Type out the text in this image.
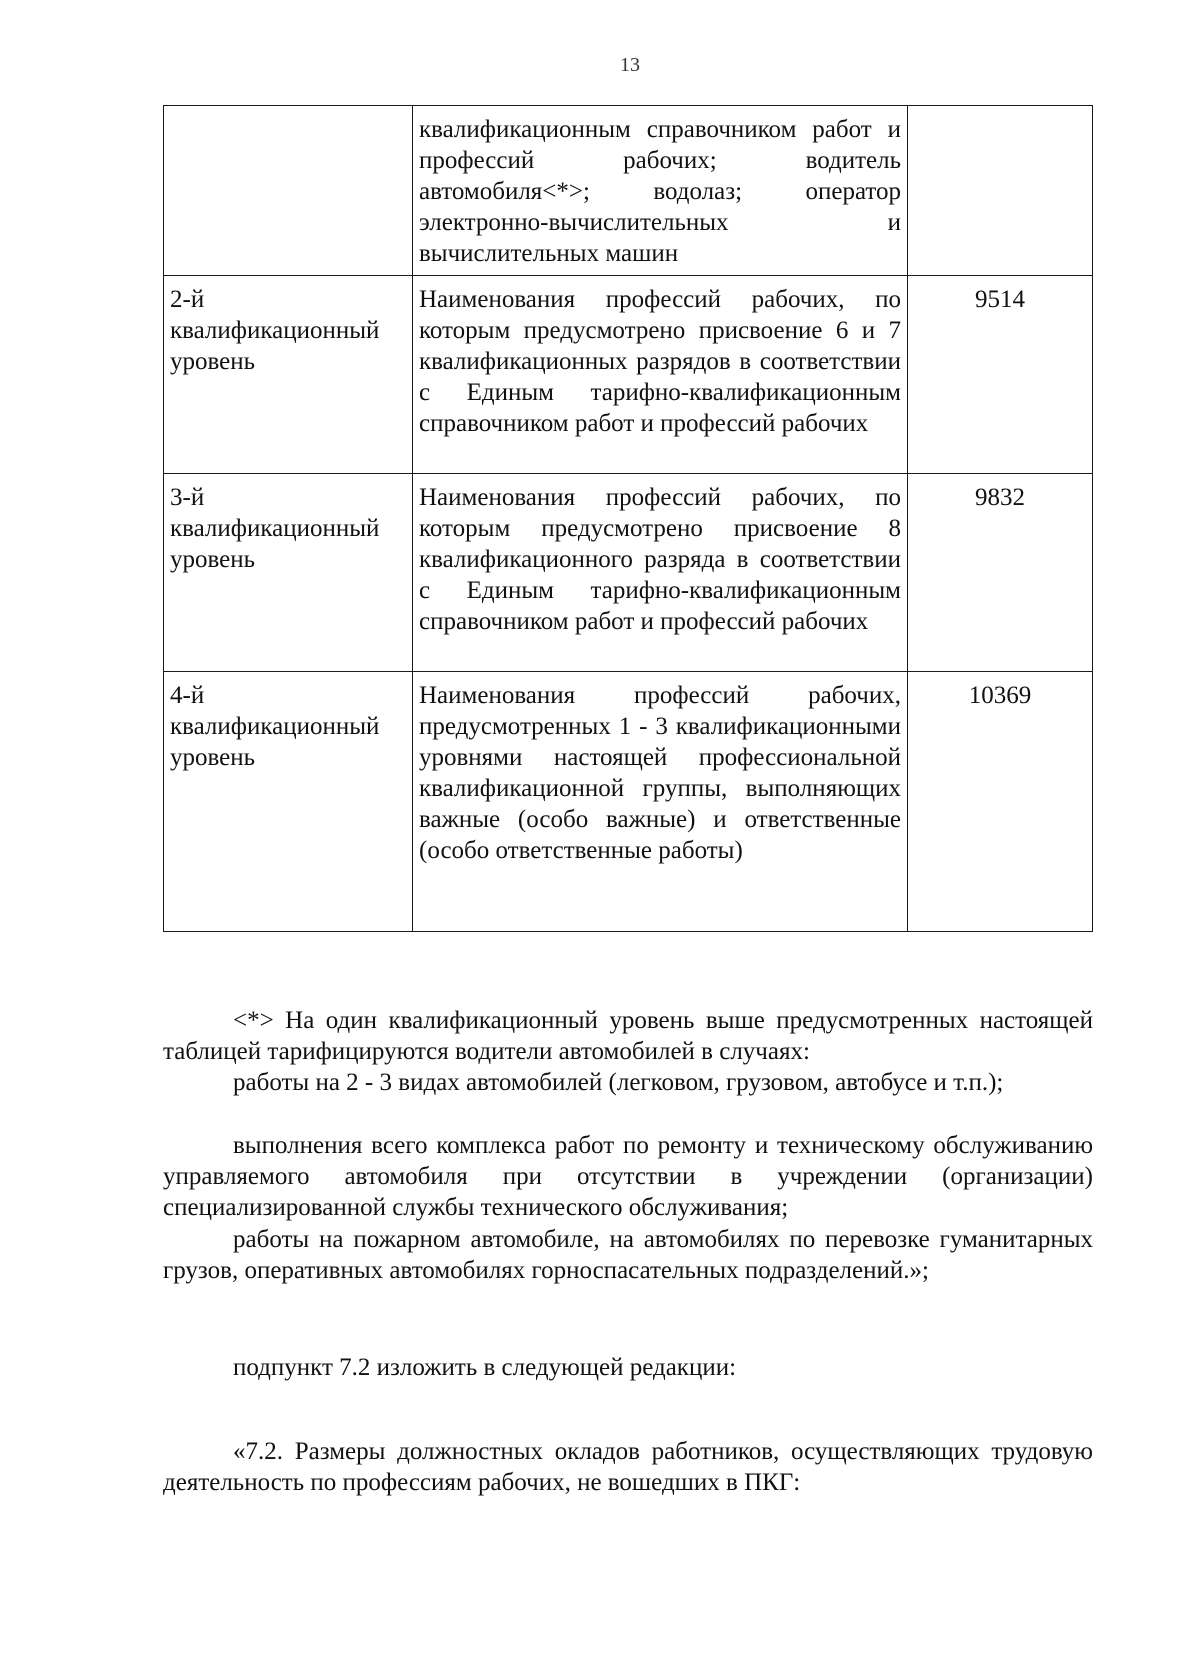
13

	квалификационным справочником работ и профессий рабочих; водитель автомобиля<*>; водолаз; оператор электронно-вычислительных и вычислительных машин	

2-й квалификационный уровень	Наименования профессий рабочих, по которым предусмотрено присвоение 6 и 7 квалификационных разрядов в соответствии с Единым тарифно-квалификационным справочником работ и профессий рабочих	9514
3-й квалификационный уровень	Наименования профессий рабочих, по которым предусмотрено присвоение 8 квалификационного разряда в соответствии с Единым тарифно-квалификационным справочником работ и профессий рабочих	9832
4-й квалификационный уровень	Наименования профессий рабочих, предусмотренных 1 - 3 квалификационными уровнями настоящей профессиональной квалификационной группы, выполняющих важные (особо важные) и ответственные (особо ответственные работы)	10369
<*> На один квалификационный уровень выше предусмотренных настоящей таблицей тарифицируются водители автомобилей в случаях:
работы на 2 - 3 видах автомобилей (легковом, грузовом, автобусе и т.п.);
выполнения всего комплекса работ по ремонту и техническому обслуживанию управляемого автомобиля при отсутствии в учреждении (организации) специализированной службы технического обслуживания;
работы на пожарном автомобиле, на автомобилях по перевозке гуманитарных грузов, оперативных автомобилях горноспасательных подразделений.»;
подпункт 7.2 изложить в следующей редакции:
«7.2. Размеры должностных окладов работников, осуществляющих трудовую деятельность по профессиям рабочих, не вошедших в ПКГ:
